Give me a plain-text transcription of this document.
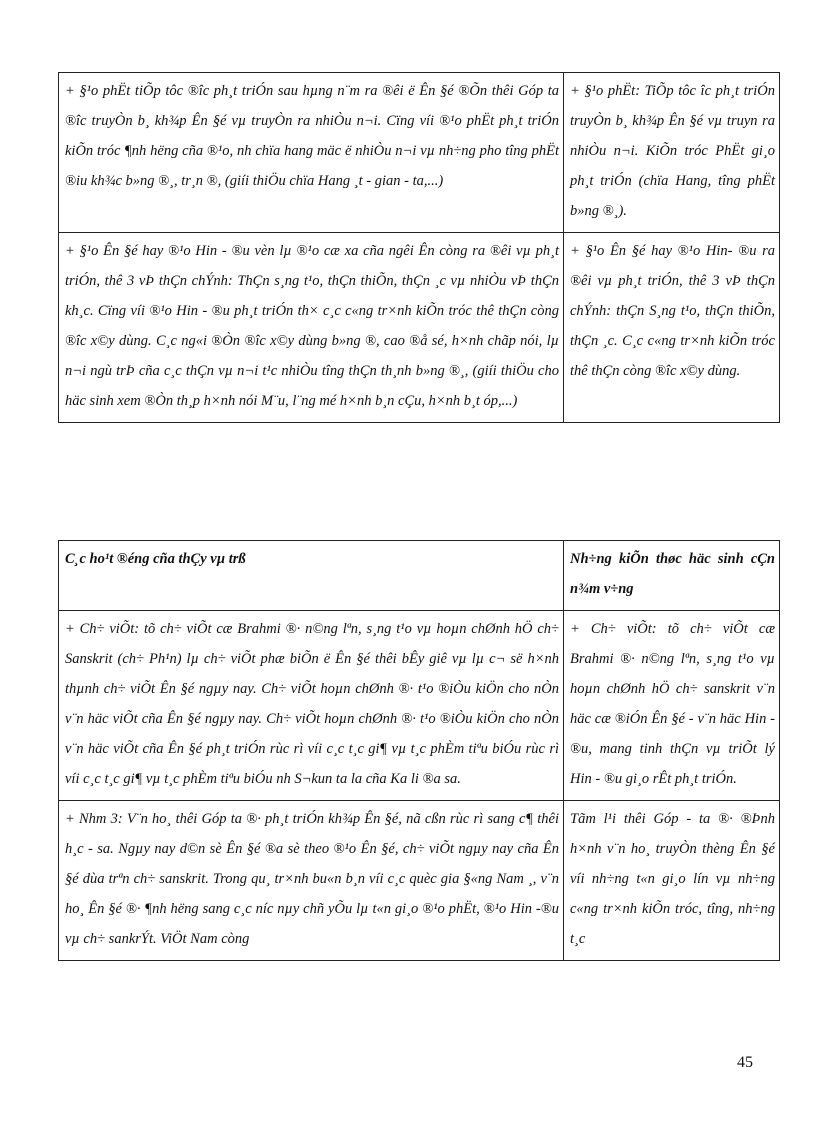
+ §¹o phËt tiÕp tôc ®îc ph¸t triÓn sau hµng n¨m ra ®êi ë Ên §é ®Õn thêi Góp ta ®îc truyÒn b¸ kh¾p Ên §é vµ truyÒn ra nhiÒu n¬i. Cïng víi ®¹o phËt ph¸t triÓn kiÕn tróc ¶nh hëng cña ®¹o, nh chïa hang mäc ë nhiÒu n¬i vµ nh÷ng pho tîng phËt ®iu kh¾c b»ng ®¸, tr¸n ®, (giíi thiÖu chïa Hang ¸t - gian - ta,...)	+ §¹o phËt: TiÕp tôc îc ph¸t triÓn truyÒn b¸ kh¾p Ên §é vµ truyn ra nhiÒu n¬i. KiÕn tróc PhËt gi¸o ph¸t triÓn (chïa Hang, tîng phËt b»ng ®¸).
+ §¹o Ên §é hay ®¹o Hin - ®u vèn lµ ®¹o cæ xa cña ngêi Ên còng ra ®êi vµ ph¸t triÓn, thê 3 vÞ thÇn chÝnh: ThÇn s¸ng t¹o, thÇn thiÕn, thÇn ¸c vµ nhiÒu vÞ thÇn kh¸c. Cïng víi ®¹o Hin - ®u ph¸t triÓn th× c¸c c«ng tr×nh kiÕn tróc thê thÇn còng ®îc x©y dùng. C¸c ng«i ®Òn ®îc x©y dùng b»ng ®, cao ®å sé, h×nh chãp nói, lµ n¬i ngù trÞ cña c¸c thÇn vµ n¬i t¹c nhiÒu tîng thÇn th¸nh b»ng ®¸, (giíi thiÖu cho häc sinh xem ®Òn th¸p h×nh nói M¨u, l¨ng mé h×nh b¸n cÇu, h×nh b¸t óp,...)	+ §¹o Ên §é hay ®¹o Hin- ®u ra ®êi vµ ph¸t triÓn, thê 3 vÞ thÇn chÝnh: thÇn S¸ng t¹o, thÇn thiÕn, thÇn ¸c. C¸c c«ng tr×nh kiÕn tróc thê thÇn còng ®îc x©y dùng.
C¸c ho¹t ®éng cña thÇy vµ trß	Nh÷ng kiÕn thøc häc sinh cÇn n¾m v÷ng
+ Ch÷ viÕt: tõ ch÷ viÕt cæ Brahmi ®· n©ng lªn, s¸ng t¹o vµ hoµn chØnh hÖ ch÷ Sanskrit (ch÷ Ph¹n) lµ ch÷ viÕt phæ biÕn ë Ên §é thêi bÊy giê vµ lµ c¬ së h×nh thµnh ch÷ viÕt Ên §é ngµy nay. Ch÷ viÕt hoµn chØnh ®· t¹o ®iÒu kiÖn cho nÒn v¨n häc viÕt cña Ên §é ngµy nay. Ch÷ viÕt hoµn chØnh ®· t¹o ®iÒu kiÖn cho nÒn v¨n häc viÕt cña Ên §é ph¸t triÓn rùc rì víi c¸c t¸c gi¶ vµ t¸c phÈm tiªu biÓu rùc rì víi c¸c t¸c gi¶ vµ t¸c phÈm tiªu biÓu nh S¬kun ta la cña Ka li ®a sa.	+ Ch÷ viÕt: tõ ch÷ viÕt cæ Brahmi ®· n©ng lªn, s¸ng t¹o vµ hoµn chØnh hÖ ch÷ sanskrit v¨n häc cæ ®iÓn Ên §é - v¨n häc Hin - ®u, mang tinh thÇn vµ triÕt lý Hin - ®u gi¸o rÊt ph¸t triÓn.
+ Nhm 3: V¨n ho¸ thêi Góp ta ®· ph¸t triÓn kh¾p Ên §é, nã cßn rùc rì sang c¶ thêi h¸c - sa. Ngµy nay d©n sè Ên §é ®a sè theo ®¹o Ên §é, ch÷ viÕt ngµy nay cña Ên §é dùa trªn ch÷ sanskrit. Trong qu¸ tr×nh bu«n b¸n víi c¸c quèc gia §«ng Nam ¸, v¨n ho¸ Ên §é ®· ¶nh hëng sang c¸c níc nµy chñ yÕu lµ t«n gi¸o ®¹o phËt, ®¹o Hin -®u vµ ch÷ sankrÝt. ViÖt Nam còng	Tãm l¹i thêi Góp - ta ®· ®Þnh h×nh v¨n ho¸ truyÒn thèng Ên §é víi nh÷ng t«n gi¸o lín vµ nh÷ng c«ng tr×nh kiÕn tróc, tîng, nh÷ng t¸c
45
